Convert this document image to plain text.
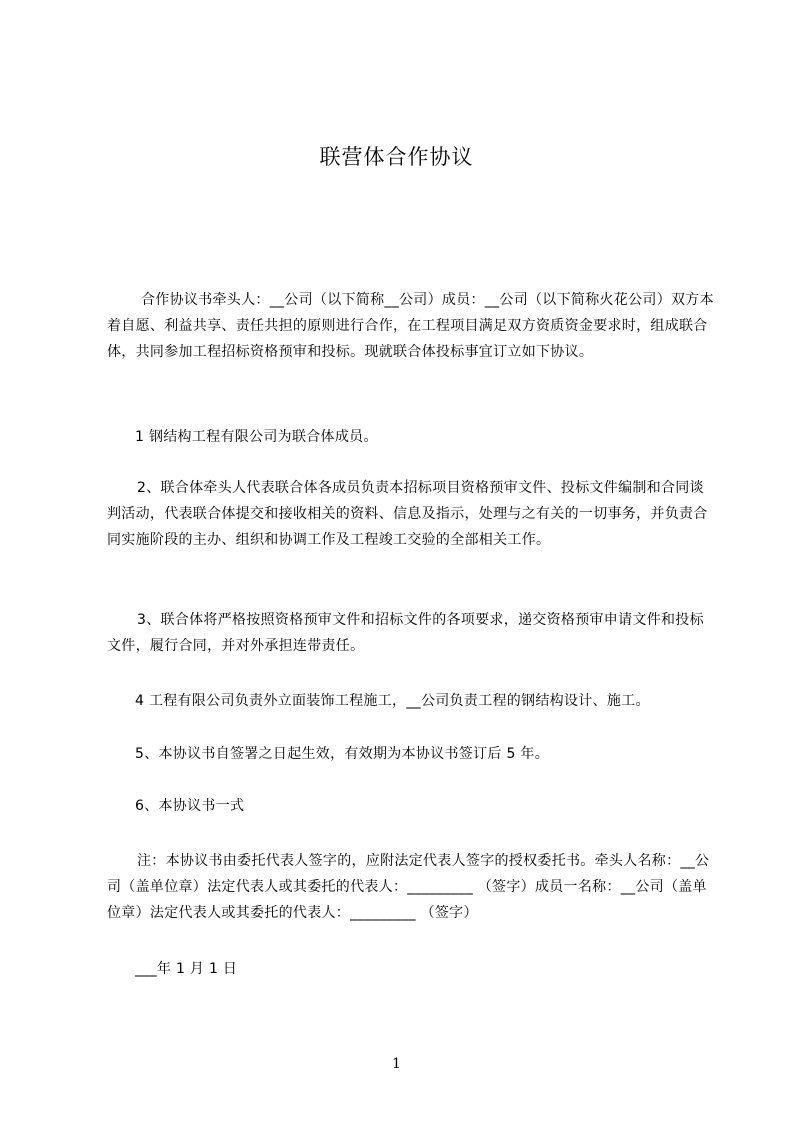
联营体合作协议

合作协议书牵头人：__公司（以下简称__公司）成员：__公司（以下简称火花公司）双方本着自愿、利益共享、责任共担的原则进行合作，在工程项目满足双方资质资金要求时，组成联合体，共同参加工程招标资格预审和投标。现就联合体投标事宜订立如下协议。

1 钢结构工程有限公司为联合体成员。

2、联合体牵头人代表联合体各成员负责本招标项目资格预审文件、投标文件编制和合同谈判活动，代表联合体提交和接收相关的资料、信息及指示，处理与之有关的一切事务，并负责合同实施阶段的主办、组织和协调工作及工程竣工交验的全部相关工作。

3、联合体将严格按照资格预审文件和招标文件的各项要求，递交资格预审申请文件和投标文件，履行合同，并对外承担连带责任。

4 工程有限公司负责外立面装饰工程施工，__公司负责工程的钢结构设计、施工。

5、本协议书自签署之日起生效，有效期为本协议书签订后 5 年。

6、本协议书一式

注：本协议书由委托代表人签字的，应附法定代表人签字的授权委托书。牵头人名称：__公司（盖单位章）法定代表人或其委托的代表人：_________ （签字）成员一名称：__公司（盖单位章）法定代表人或其委托的代表人：_________ （签字）

___年 1 月 1 日

1
